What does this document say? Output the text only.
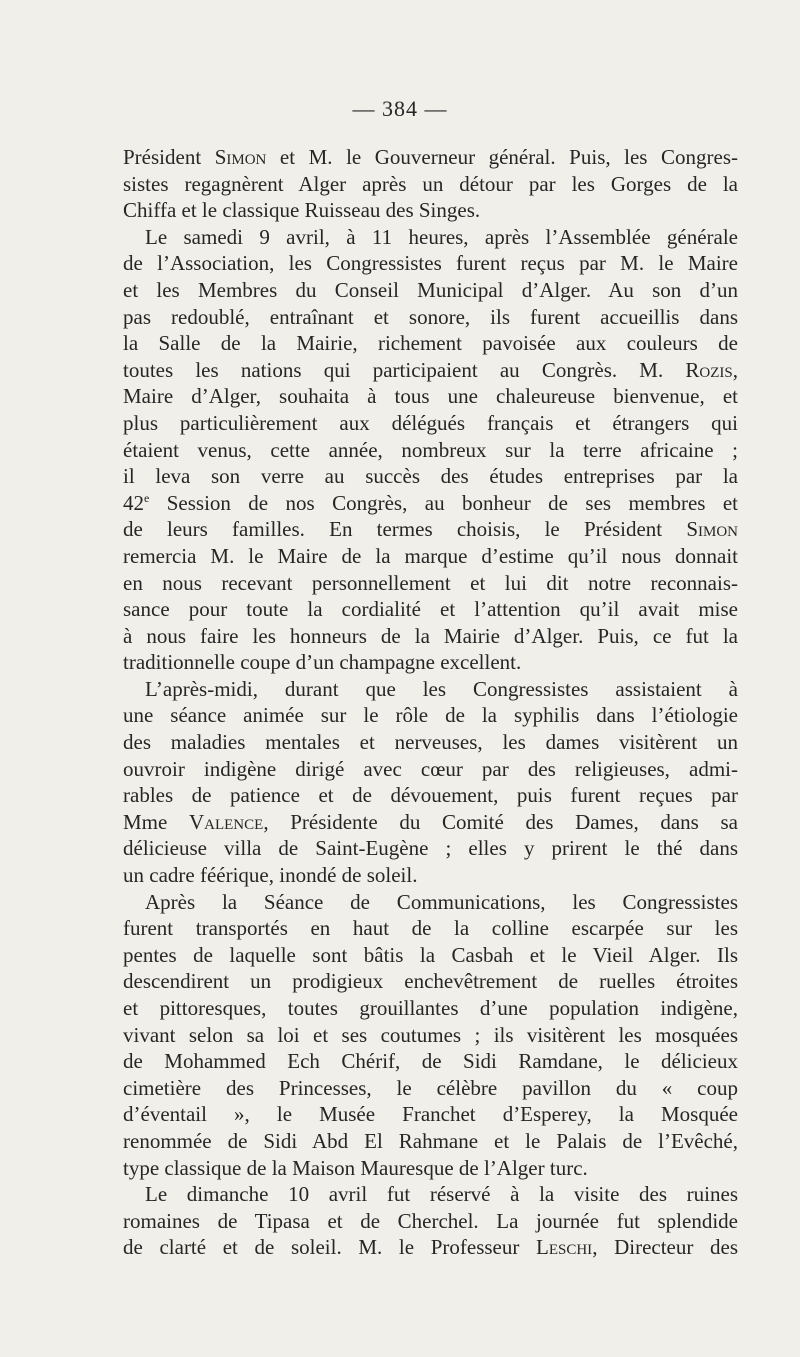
— 384 —
Président Simon et M. le Gouverneur général. Puis, les Congres-
sistes regagnèrent Alger après un détour par les Gorges de la
Chiffa et le classique Ruisseau des Singes.
Le samedi 9 avril, à 11 heures, après l’Assemblée générale
de l’Association, les Congressistes furent reçus par M. le Maire
et les Membres du Conseil Municipal d’Alger. Au son d’un
pas redoublé, entraînant et sonore, ils furent accueillis dans
la Salle de la Mairie, richement pavoisée aux couleurs de
toutes les nations qui participaient au Congrès. M. Rozis,
Maire d’Alger, souhaita à tous une chaleureuse bienvenue, et
plus particulièrement aux délégués français et étrangers qui
étaient venus, cette année, nombreux sur la terre africaine ;
il leva son verre au succès des études entreprises par la
42e Session de nos Congrès, au bonheur de ses membres et
de leurs familles. En termes choisis, le Président Simon
remercia M. le Maire de la marque d’estime qu’il nous donnait
en nous recevant personnellement et lui dit notre reconnais-
sance pour toute la cordialité et l’attention qu’il avait mise
à nous faire les honneurs de la Mairie d’Alger. Puis, ce fut la
traditionnelle coupe d’un champagne excellent.
L’après-midi, durant que les Congressistes assistaient à
une séance animée sur le rôle de la syphilis dans l’étiologie
des maladies mentales et nerveuses, les dames visitèrent un
ouvroir indigène dirigé avec cœur par des religieuses, admi-
rables de patience et de dévouement, puis furent reçues par
Mme Valence, Présidente du Comité des Dames, dans sa
délicieuse villa de Saint-Eugène ; elles y prirent le thé dans
un cadre féérique, inondé de soleil.
Après la Séance de Communications, les Congressistes
furent transportés en haut de la colline escarpée sur les
pentes de laquelle sont bâtis la Casbah et le Vieil Alger. Ils
descendirent un prodigieux enchevêtrement de ruelles étroites
et pittoresques, toutes grouillantes d’une population indigène,
vivant selon sa loi et ses coutumes ; ils visitèrent les mosquées
de Mohammed Ech Chérif, de Sidi Ramdane, le délicieux
cimetière des Princesses, le célèbre pavillon du « coup
d’éventail », le Musée Franchet d’Esperey, la Mosquée
renommée de Sidi Abd El Rahmane et le Palais de l’Evêché,
type classique de la Maison Mauresque de l’Alger turc.
Le dimanche 10 avril fut réservé à la visite des ruines
romaines de Tipasa et de Cherchel. La journée fut splendide
de clarté et de soleil. M. le Professeur Leschi, Directeur des
